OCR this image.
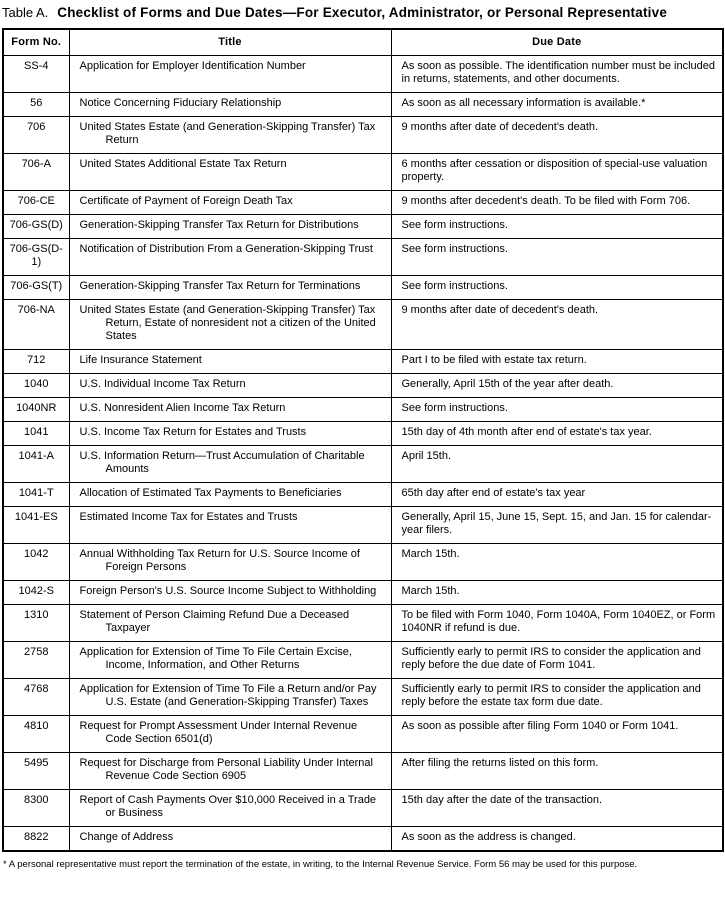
Table A. Checklist of Forms and Due Dates—For Executor, Administrator, or Personal Representative
Form No.	Title	Due Date
SS-4	Application for Employer Identification Number	As soon as possible. The identification number must be included in returns, statements, and other documents.
56	Notice Concerning Fiduciary Relationship	As soon as all necessary information is available.*
706	United States Estate (and Generation-Skipping Transfer) Tax Return	9 months after date of decedent's death.
706-A	United States Additional Estate Tax Return	6 months after cessation or disposition of special-use valuation property.
706-CE	Certificate of Payment of Foreign Death Tax	9 months after decedent's death. To be filed with Form 706.
706-GS(D)	Generation-Skipping Transfer Tax Return for Distributions	See form instructions.
706-GS(D-1)	Notification of Distribution From a Generation-Skipping Trust	See form instructions.
706-GS(T)	Generation-Skipping Transfer Tax Return for Terminations	See form instructions.
706-NA	United States Estate (and Generation-Skipping Transfer) Tax Return, Estate of nonresident not a citizen of the United States	9 months after date of decedent's death.
712	Life Insurance Statement	Part I to be filed with estate tax return.
1040	U.S. Individual Income Tax Return	Generally, April 15th of the year after death.
1040NR	U.S. Nonresident Alien Income Tax Return	See form instructions.
1041	U.S. Income Tax Return for Estates and Trusts	15th day of 4th month after end of estate's tax year.
1041-A	U.S. Information Return—Trust Accumulation of Charitable Amounts	April 15th.
1041-T	Allocation of Estimated Tax Payments to Beneficiaries	65th day after end of estate's tax year
1041-ES	Estimated Income Tax for Estates and Trusts	Generally, April 15, June 15, Sept. 15, and Jan. 15 for calendar-year filers.
1042	Annual Withholding Tax Return for U.S. Source Income of Foreign Persons	March 15th.
1042-S	Foreign Person's U.S. Source Income Subject to Withholding	March 15th.
1310	Statement of Person Claiming Refund Due a Deceased Taxpayer	To be filed with Form 1040, Form 1040A, Form 1040EZ, or Form 1040NR if refund is due.
2758	Application for Extension of Time To File Certain Excise, Income, Information, and Other Returns	Sufficiently early to permit IRS to consider the application and reply before the due date of Form 1041.
4768	Application for Extension of Time To File a Return and/or Pay U.S. Estate (and Generation-Skipping Transfer) Taxes	Sufficiently early to permit IRS to consider the application and reply before the estate tax form due date.
4810	Request for Prompt Assessment Under Internal Revenue Code Section 6501(d)	As soon as possible after filing Form 1040 or Form 1041.
5495	Request for Discharge from Personal Liability Under Internal Revenue Code Section 6905	After filing the returns listed on this form.
8300	Report of Cash Payments Over $10,000 Received in a Trade or Business	15th day after the date of the transaction.
8822	Change of Address	As soon as the address is changed.
* A personal representative must report the termination of the estate, in writing, to the Internal Revenue Service. Form 56 may be used for this purpose.
